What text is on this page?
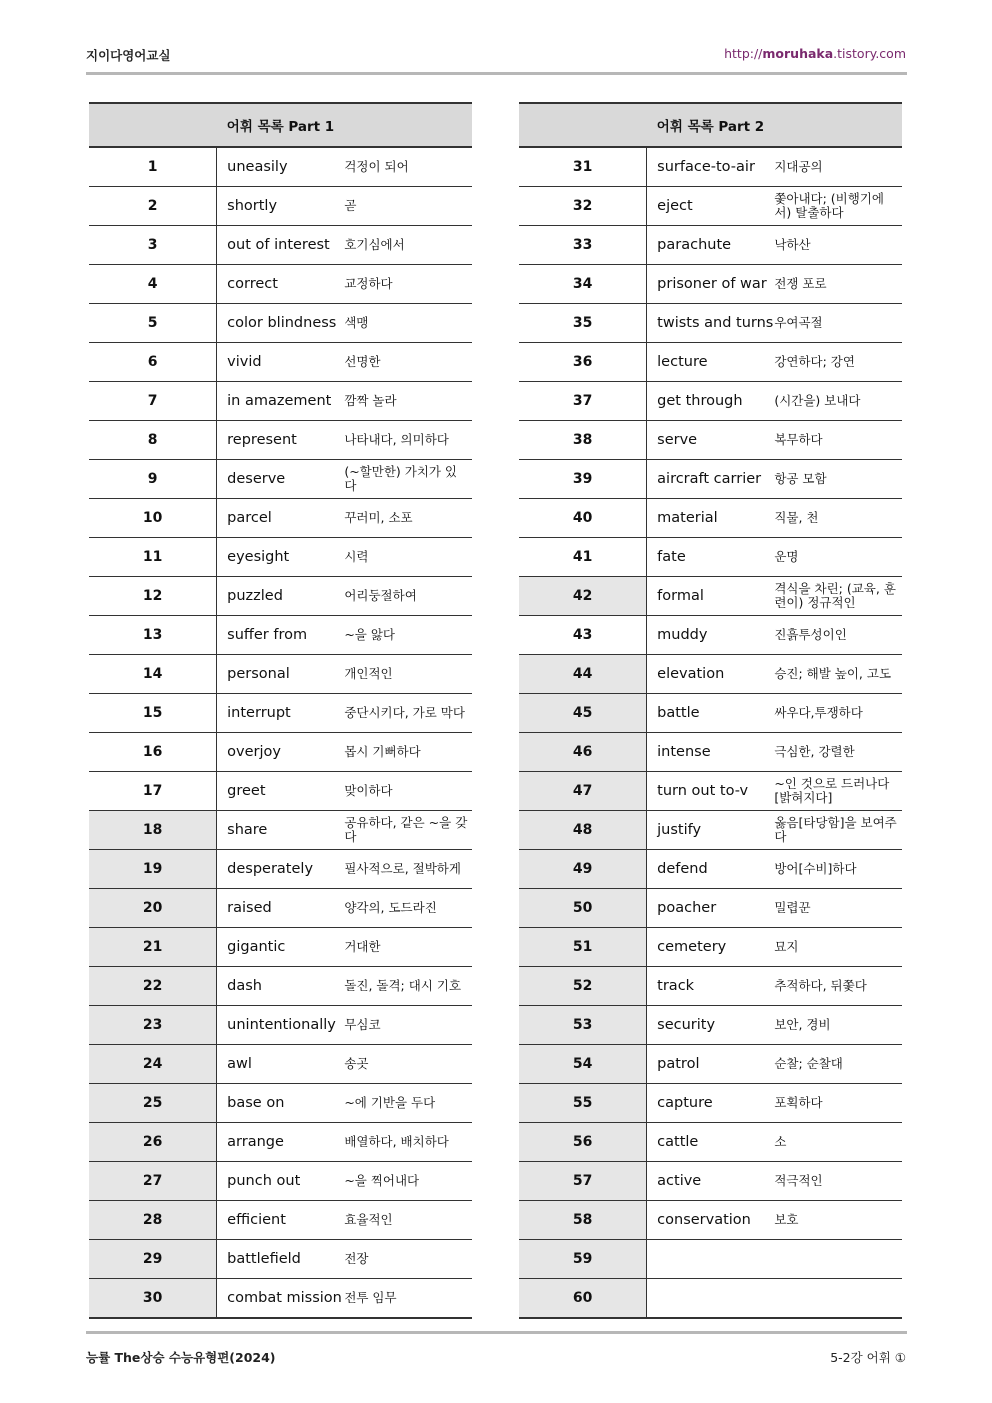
지이다영어교실	http://moruhaka.tistory.com
어휘 목록 Part 1		
1	uneasily	걱정이 되어
2	shortly	곧
3	out of interest	호기심에서
4	correct	교정하다
5	color blindness	색맹
6	vivid	선명한
7	in amazement	깜짝 놀라
8	represent	나타내다, 의미하다
9	deserve	(~할만한) 가치가 있다
10	parcel	꾸러미, 소포
11	eyesight	시력
12	puzzled	어리둥절하여
13	suffer from	~을 앓다
14	personal	개인적인
15	interrupt	중단시키다, 가로 막다
16	overjoy	몹시 기뻐하다
17	greet	맞이하다
18	share	공유하다, 같은 ~을 갖다
19	desperately	필사적으로, 절박하게
20	raised	양각의, 도드라진
21	gigantic	거대한
22	dash	돌진, 돌격; 대시 기호
23	unintentionally	무심코
24	awl	송곳
25	base on	~에 기반을 두다
26	arrange	배열하다, 배치하다
27	punch out	~을 찍어내다
28	efficient	효율적인
29	battlefield	전장
30	combat mission	전투 임무
어휘 목록 Part 2		
31	surface-to-air	지대공의
32	eject	쫓아내다; (비행기에서) 탈출하다
33	parachute	낙하산
34	prisoner of war	전쟁 포로
35	twists and turns	우여곡절
36	lecture	강연하다; 강연
37	get through	(시간을) 보내다
38	serve	복무하다
39	aircraft carrier	항공 모함
40	material	직물, 천
41	fate	운명
42	formal	격식을 차린; (교육, 훈련이) 정규적인
43	muddy	진흙투성이인
44	elevation	승진; 해발 높이, 고도
45	battle	싸우다,투쟁하다
46	intense	극심한, 강렬한
47	turn out to-v	~인 것으로 드러나다[밝혀지다]
48	justify	옳음[타당함]을 보여주다
49	defend	방어[수비]하다
50	poacher	밀렵꾼
51	cemetery	묘지
52	track	추적하다, 뒤쫓다
53	security	보안, 경비
54	patrol	순찰; 순찰대
55	capture	포획하다
56	cattle	소
57	active	적극적인
58	conservation	보호
59		
60		
능률 The상승 수능유형편(2024)	5-2강 어휘 ①
